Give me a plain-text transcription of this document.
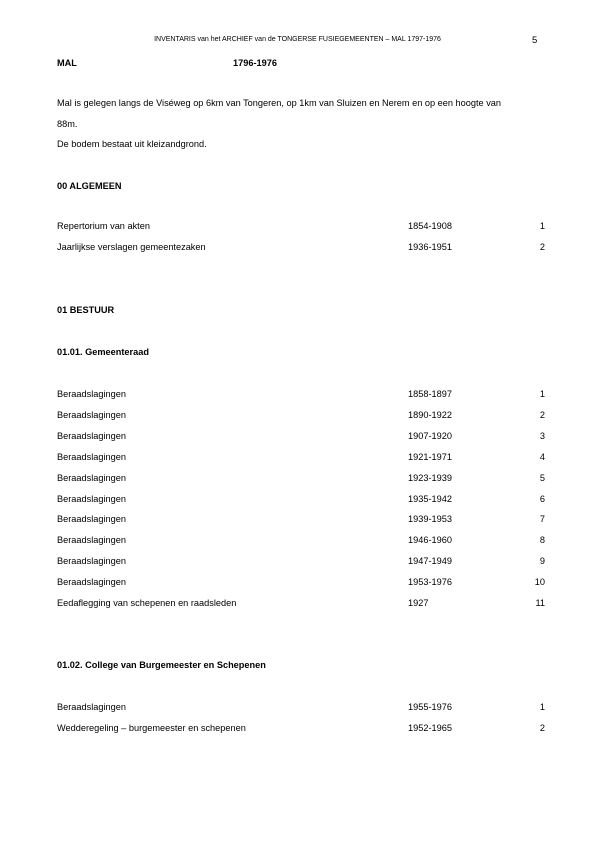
INVENTARIS van het ARCHIEF van de TONGERSE FUSIEGEMEENTEN – MAL 1797-1976	5
MAL	1796-1976
Mal is gelegen langs de Viséweg op 6km van Tongeren, op 1km van Sluizen en Nerem en op een hoogte van
88m.
De bodem bestaat uit kleizandgrond.
00 ALGEMEEN
Repertorium van akten	1854-1908	1
Jaarlijkse verslagen gemeentezaken	1936-1951	2
01 BESTUUR
01.01. Gemeenteraad
Beraadslagingen	1858-1897	1
Beraadslagingen	1890-1922	2
Beraadslagingen	1907-1920	3
Beraadslagingen	1921-1971	4
Beraadslagingen	1923-1939	5
Beraadslagingen	1935-1942	6
Beraadslagingen	1939-1953	7
Beraadslagingen	1946-1960	8
Beraadslagingen	1947-1949	9
Beraadslagingen	1953-1976	10
Eedaflegging van schepenen en raadsleden	1927	11
01.02. College van Burgemeester en Schepenen
Beraadslagingen	1955-1976	1
Wedderegeling – burgemeester en schepenen	1952-1965	2
